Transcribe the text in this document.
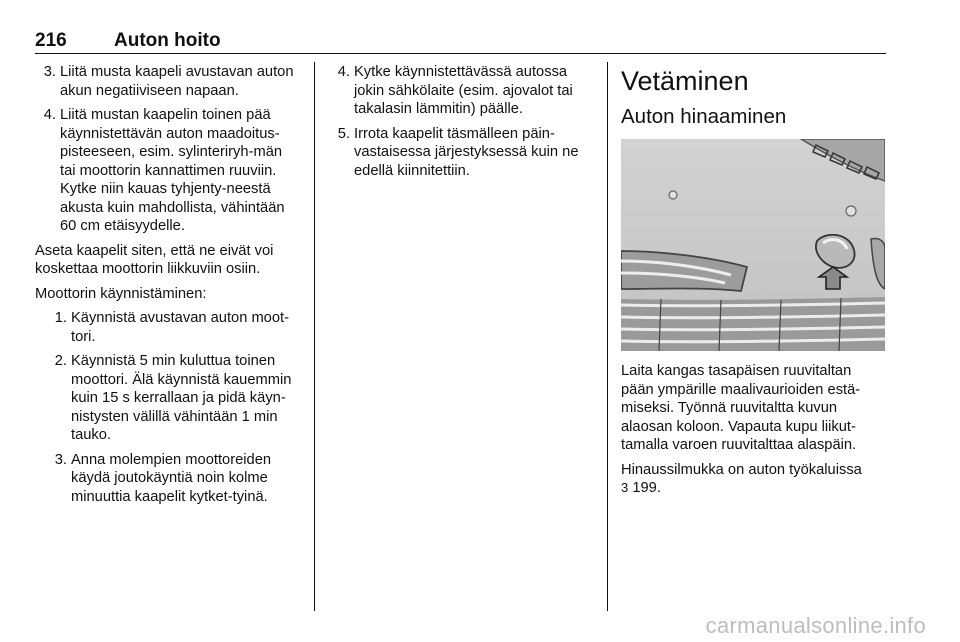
216 Auton hoito
3. Liitä musta kaapeli avustavan auton akun negatiiviseen napaan.
4. Liitä mustan kaapelin toinen pää käynnistettävän auton maadoitus-pisteeseen, esim. sylinteriryh-män tai moottorin kannattimen ruuviin. Kytke niin kauas tyhjenty-neestä akusta kuin mahdollista, vähintään 60 cm etäisyydelle.

Aseta kaapelit siten, että ne eivät voi koskettaa moottorin liikkuviin osiin.

Moottorin käynnistäminen:

1. Käynnistä avustavan auton moot-tori.
2. Käynnistä 5 min kuluttua toinen moottori. Älä käynnistä kauemmin kuin 15 s kerrallaan ja pidä käyn-nistysten välillä vähintään 1 min tauko.
3. Anna molempien moottoreiden käydä joutokäyntiä noin kolme minuuttia kaapelit kytket-tyinä.
4. Kytke käynnistettävässä autossa jokin sähkölaite (esim. ajovalot tai takalasin lämmitin) päälle.
5. Irrota kaapelit täsmälleen päin-vastaisessa järjestyksessä kuin ne edellä kiinnitettiin.
Vetäminen
Auton hinaaminen

Laita kangas tasapäisen ruuvitaltan pään ympärille maalivaurioiden estä-miseksi. Työnnä ruuvitaltta kuvun alaosan koloon. Vapauta kupu liikut-tamalla varoen ruuvitalttaa alaspäin.

Hinaussilmukka on auton työkaluissa
3 199.

carmanualsonline.info
